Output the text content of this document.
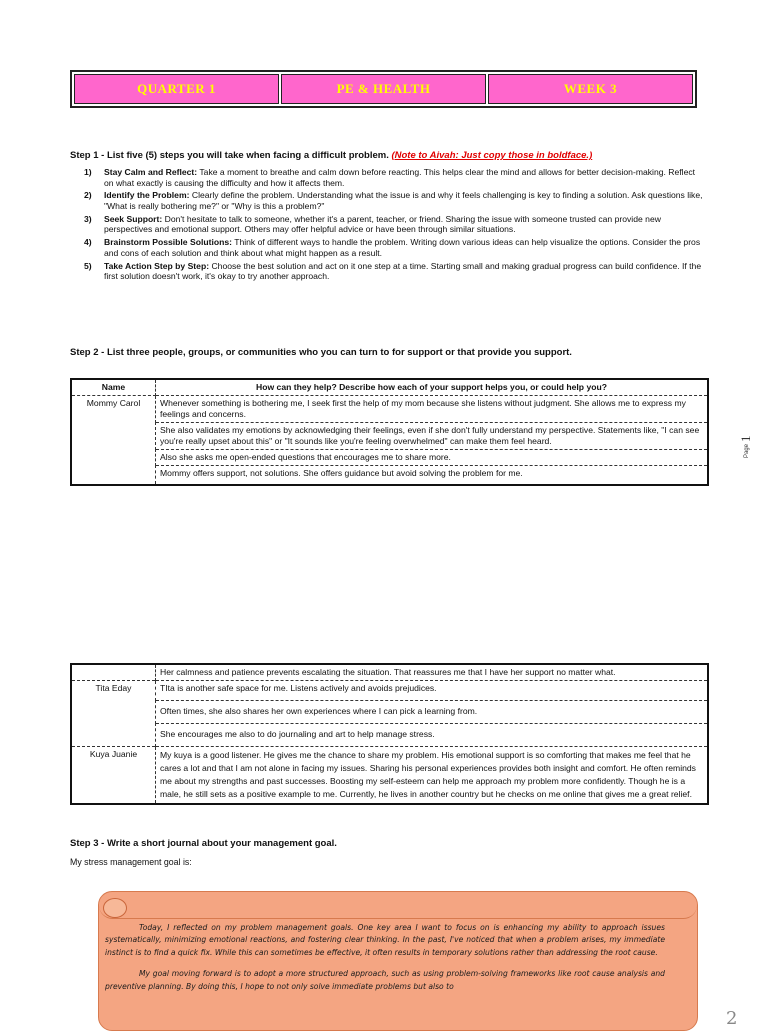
QUARTER 1	PE & HEALTH	WEEK 3
Step 1 - List five (5) steps you will take when facing a difficult problem. (Note to Aivah: Just copy those in boldface.)
1)	Stay Calm and Reflect: Take a moment to breathe and calm down before reacting. This helps clear the mind and allows for better decision-making. Reflect on what exactly is causing the difficulty and how it affects them.
2)	Identify the Problem: Clearly define the problem. Understanding what the issue is and why it feels challenging is key to finding a solution. Ask questions like, "What is really bothering me?" or "Why is this a problem?"
3)	Seek Support: Don't hesitate to talk to someone, whether it's a parent, teacher, or friend. Sharing the issue with someone trusted can provide new perspectives and emotional support. Others may offer helpful advice or have been through similar situations.
4)	Brainstorm Possible Solutions: Think of different ways to handle the problem. Writing down various ideas can help visualize the options. Consider the pros and cons of each solution and think about what might happen as a result.
5)	Take Action Step by Step: Choose the best solution and act on it one step at a time. Starting small and making gradual progress can build confidence. If the first solution doesn't work, it's okay to try another approach.
Step 2 - List three people, groups, or communities who you can turn to for support or that provide you support.
Name	How can they help? Describe how each of your support helps you, or could help you?
Mommy Carol	Whenever something is bothering me, I seek first the help of my mom because she listens without judgment. She allows me to express my feelings and concerns.
	She also validates my emotions by acknowledging their feelings, even if she don't fully understand my perspective. Statements like, "I can see you're really upset about this" or "It sounds like you're feeling overwhelmed" can make them feel heard.
	Also she asks me open-ended questions that encourages me to share more.
	Mommy offers support, not solutions. She offers guidance but avoid solving the problem for me.
Page
1
	Her calmness and patience prevents escalating the situation. That reassures me that I have her support no matter what.
Tita Eday	TIta is another safe space for me. Listens actively and avoids prejudices.
	Often times, she also shares her own experiences where I can pick a learning from.
	She encourages me also to do journaling and art to help manage stress.
Kuya Juanie	My kuya is a good listener. He gives me the chance to share my problem. His emotional support is so comforting that makes me feel that he cares a lot and that I am not alone in facing my issues. Sharing his personal experiences provides both insight and comfort. He often reminds me about my strengths and past successes. Boosting my self-esteem can help me approach my problem more confidently. Though he is a male, he still sets as a positive example to me. Currently, he lives in another country but he checks on me online that gives me a great relief.
Step 3 - Write a short journal about your management goal.
My stress management goal is:

Today, I reflected on my problem management goals. One key area I want to focus on is enhancing my ability to approach issues systematically, minimizing emotional reactions, and fostering clear thinking. In the past, I've noticed that when a problem arises, my immediate instinct is to find a quick fix. While this can sometimes be effective, it often results in temporary solutions rather than addressing the root cause.

My goal moving forward is to adopt a more structured approach, such as using problem-solving frameworks like root cause analysis and preventive planning. By doing this, I hope to not only solve immediate problems but also to

2
